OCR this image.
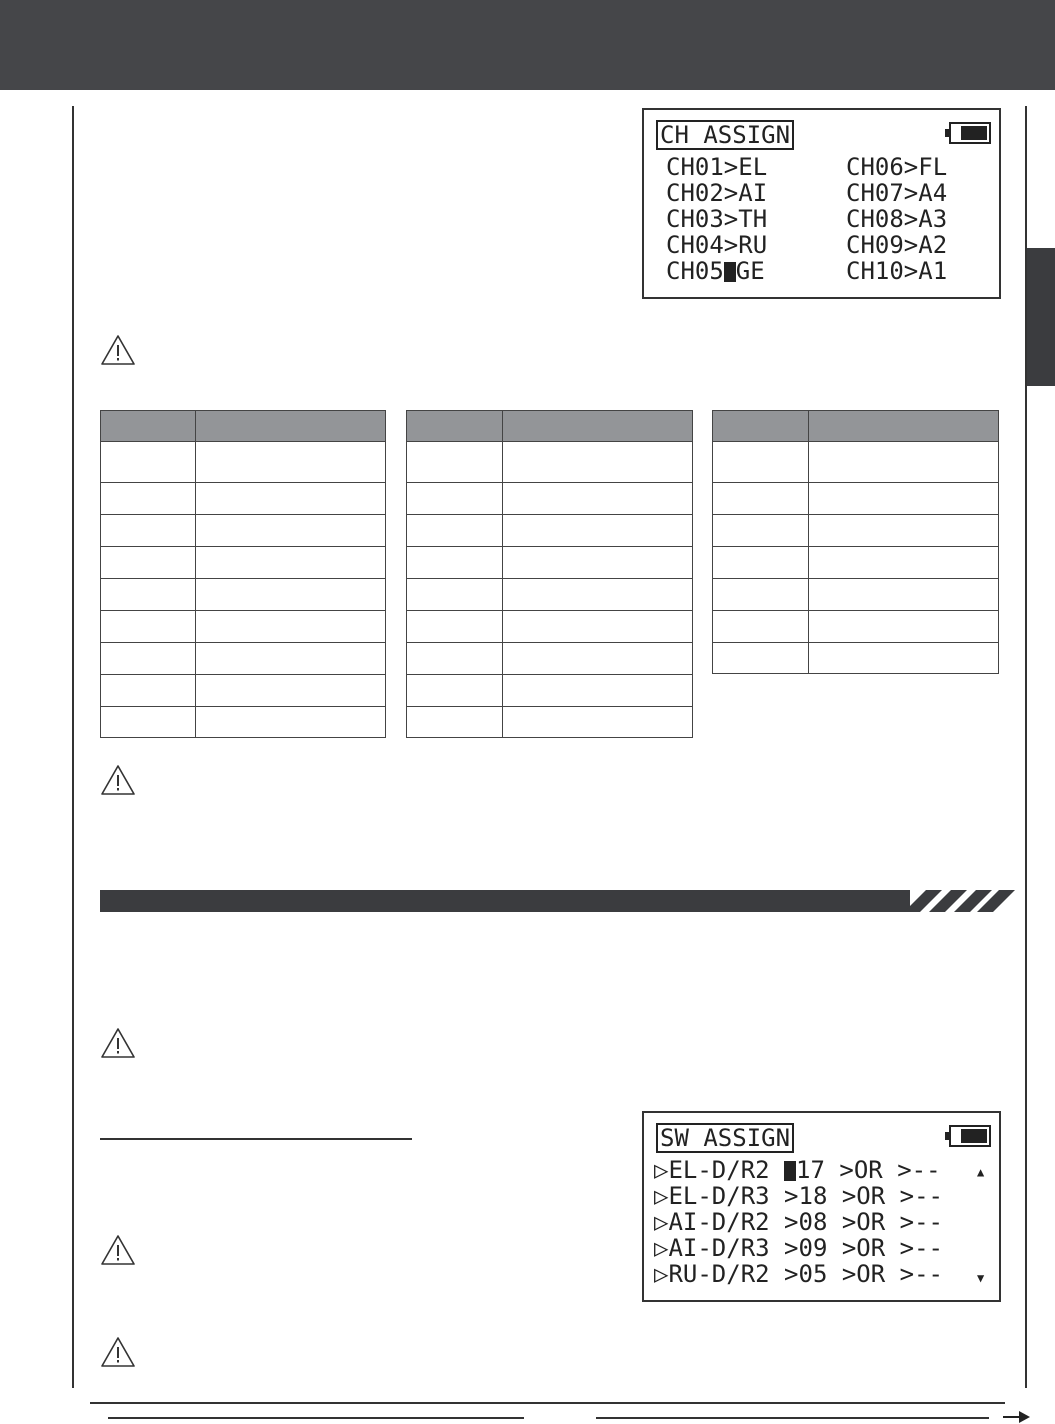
CH ASSIGN
CH01>EL
CH02>AI
CH03>TH
CH04>RU
CH05 GE
CH06>FL
CH07>A4
CH08>A3
CH09>A2
CH10>A1

SW ASSIGN
▷EL-D/R2 17 >OR >--
▷EL-D/R3 >18 >OR >--
▷AI-D/R2 >08 >OR >--
▷AI-D/R3 >09 >OR >--
▷RU-D/R2 >05 >OR >--
▲
▼
